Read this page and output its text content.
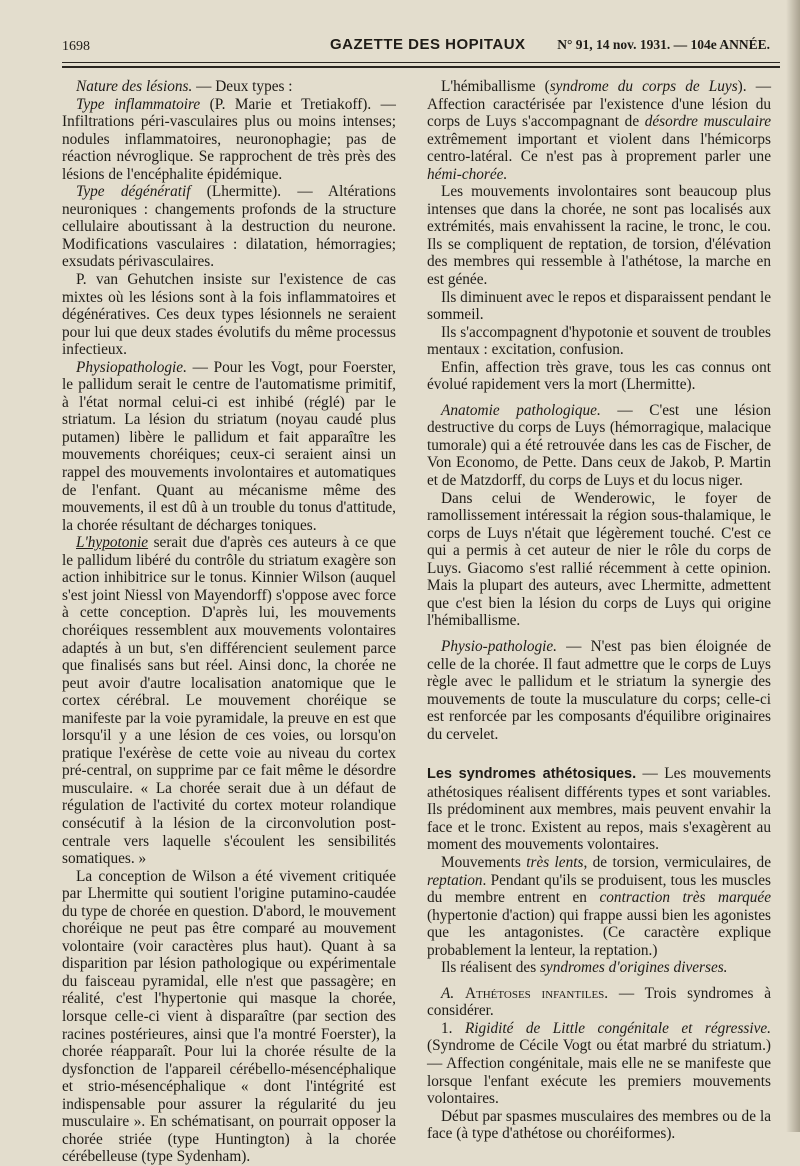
1698	GAZETTE DES HOPITAUX N° 91, 14 nov. 1931. — 104e ANNÉE.

Nature des lésions. — Deux types :

Type inflammatoire (P. Marie et Tretiakoff). — Infiltrations péri-vasculaires plus ou moins intenses; nodules inflammatoires, neuronophagie; pas de réaction névroglique. Se rapprochent de très près des lésions de l'encéphalite épidémique.

Type dégénératif (Lhermitte). — Altérations neuroniques : changements profonds de la structure cellulaire aboutissant à la destruction du neurone. Modifications vasculaires : dilatation, hémorragies; exsudats périvasculaires.

P. van Gehutchen insiste sur l'existence de cas mixtes où les lésions sont à la fois inflammatoires et dégénératives. Ces deux types lésionnels ne seraient pour lui que deux stades évolutifs du même processus infectieux.

Physiopathologie. — Pour les Vogt, pour Foerster, le pallidum serait le centre de l'automatisme primitif, à l'état normal celui-ci est inhibé (réglé) par le striatum. La lésion du striatum (noyau caudé plus putamen) libère le pallidum et fait apparaître les mouvements choréiques; ceux-ci seraient ainsi un rappel des mouvements involontaires et automatiques de l'enfant. Quant au mécanisme même des mouvements, il est dû à un trouble du tonus d'attitude, la chorée résultant de décharges toniques.

L'hypotonie serait due d'après ces auteurs à ce que le pallidum libéré du contrôle du striatum exagère son action inhibitrice sur le tonus. Kinnier Wilson (auquel s'est joint Niessl von Mayendorff) s'oppose avec force à cette conception. D'après lui, les mouvements choréiques ressemblent aux mouvements volontaires adaptés à un but, s'en différencient seulement parce que finalisés sans but réel. Ainsi donc, la chorée ne peut avoir d'autre localisation anatomique que le cortex cérébral. Le mouvement choréique se manifeste par la voie pyramidale, la preuve en est que lorsqu'il y a une lésion de ces voies, ou lorsqu'on pratique l'exérèse de cette voie au niveau du cortex pré-central, on supprime par ce fait même le désordre musculaire. « La chorée serait due à un défaut de régulation de l'activité du cortex moteur rolandique consécutif à la lésion de la circonvolution post-centrale vers laquelle s'écoulent les sensibilités somatiques. »

La conception de Wilson a été vivement critiquée par Lhermitte qui soutient l'origine putamino-caudée du type de chorée en question. D'abord, le mouvement choréique ne peut pas être comparé au mouvement volontaire (voir caractères plus haut). Quant à sa disparition par lésion pathologique ou expérimentale du faisceau pyramidal, elle n'est que passagère; en réalité, c'est l'hypertonie qui masque la chorée, lorsque celle-ci vient à disparaître (par section des racines postérieures, ainsi que l'a montré Foerster), la chorée réapparaît. Pour lui la chorée résulte de la dysfonction de l'appareil cérébello-mésencéphalique et strio-mésencéphalique « dont l'intégrité est indispensable pour assurer la régularité du jeu musculaire ». En schématisant, on pourrait opposer la chorée striée (type Huntington) à la chorée cérébelleuse (type Sydenham).

L'hémiballisme (syndrome du corps de Luys). — Affection caractérisée par l'existence d'une lésion du corps de Luys s'accompagnant de désordre musculaire extrêmement important et violent dans l'hémicorps centro-latéral. Ce n'est pas à proprement parler une hémi-chorée.

Les mouvements involontaires sont beaucoup plus intenses que dans la chorée, ne sont pas localisés aux extrémités, mais envahissent la racine, le tronc, le cou. Ils se compliquent de reptation, de torsion, d'élévation des membres qui ressemble à l'athétose, la marche en est génée.

Ils diminuent avec le repos et disparaissent pendant le sommeil.

Ils s'accompagnent d'hypotonie et souvent de troubles mentaux : excitation, confusion.

Enfin, affection très grave, tous les cas connus ont évolué rapidement vers la mort (Lhermitte).

Anatomie pathologique. — C'est une lésion destructive du corps de Luys (hémorragique, malacique tumorale) qui a été retrouvée dans les cas de Fischer, de Von Economo, de Pette. Dans ceux de Jakob, P. Martin et de Matzdorff, du corps de Luys et du locus niger.

Dans celui de Wenderowic, le foyer de ramollissement intéressait la région sous-thalamique, le corps de Luys n'était que légèrement touché. C'est ce qui a permis à cet auteur de nier le rôle du corps de Luys. Giacomo s'est rallié récemment à cette opinion. Mais la plupart des auteurs, avec Lhermitte, admettent que c'est bien la lésion du corps de Luys qui origine l'hémiballisme.

Physio-pathologie. — N'est pas bien éloignée de celle de la chorée. Il faut admettre que le corps de Luys règle avec le pallidum et le striatum la synergie des mouvements de toute la musculature du corps; celle-ci est renforcée par les composants d'équilibre originaires du cervelet.

Les syndromes athétosiques. — Les mouvements athétosiques réalisent différents types et sont variables. Ils prédominent aux membres, mais peuvent envahir la face et le tronc. Existent au repos, mais s'exagèrent au moment des mouvements volontaires.

Mouvements très lents, de torsion, vermiculaires, de reptation. Pendant qu'ils se produisent, tous les muscles du membre entrent en contraction très marquée (hypertonie d'action) qui frappe aussi bien les agonistes que les antagonistes. (Ce caractère explique probablement la lenteur, la reptation.)

Ils réalisent des syndromes d'origines diverses.

A. Athétoses infantiles. — Trois syndromes à considérer.

1. Rigidité de Little congénitale et régressive. (Syndrome de Cécile Vogt ou état marbré du striatum.) — Affection congénitale, mais elle ne se manifeste que lorsque l'enfant exécute les premiers mouvements volontaires.

Début par spasmes musculaires des membres ou de la face (à type d'athétose ou choréiformes).
